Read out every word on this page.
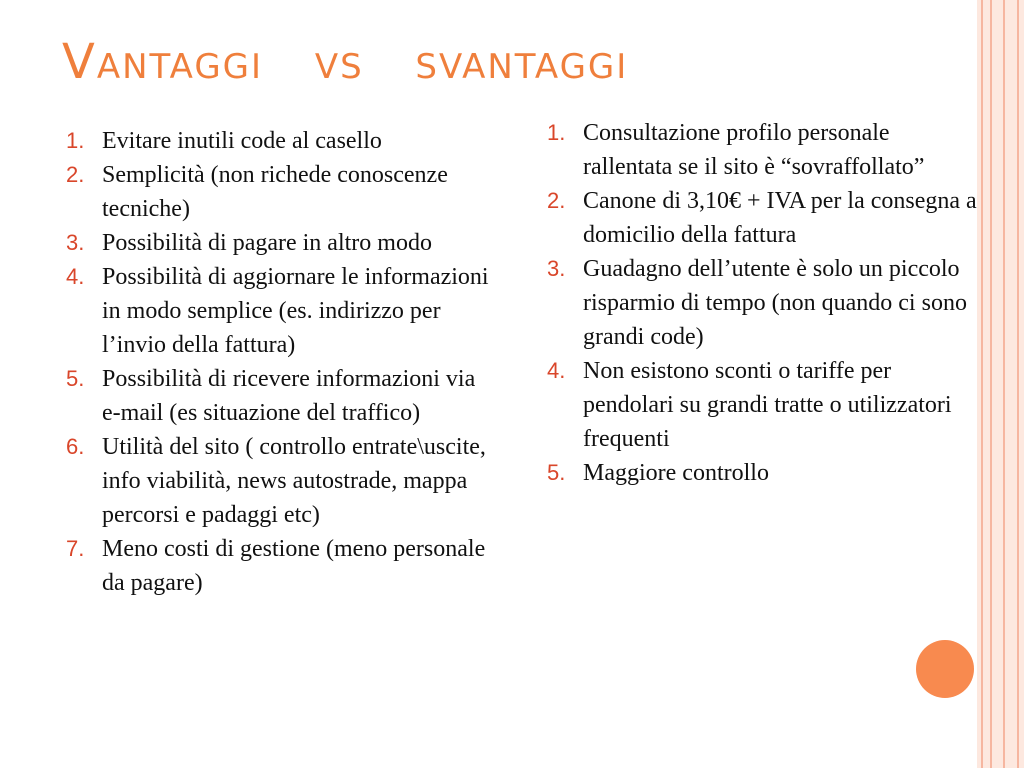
Vantaggi   vs   svantaggi
1. Evitare inutili code al casello
2. Semplicità (non richede conoscenze tecniche)
3. Possibilità di pagare in altro modo
4. Possibilità di aggiornare le informazioni in modo semplice (es. indirizzo per l’invio della fattura)
5. Possibilità di ricevere informazioni via e-mail (es situazione del traffico)
6. Utilità del sito ( controllo entrate\uscite, info viabilità, news autostrade, mappa percorsi e padaggi etc)
7. Meno costi di gestione (meno personale da pagare)
1. Consultazione profilo personale rallentata se il sito è “sovraffollato”
2. Canone di 3,10€ + IVA per la consegna a domicilio della fattura
3. Guadagno dell’utente è solo un piccolo risparmio di tempo (non quando ci sono grandi code)
4. Non esistono sconti o tariffe per pendolari su grandi tratte o utilizzatori frequenti
5. Maggiore controllo
